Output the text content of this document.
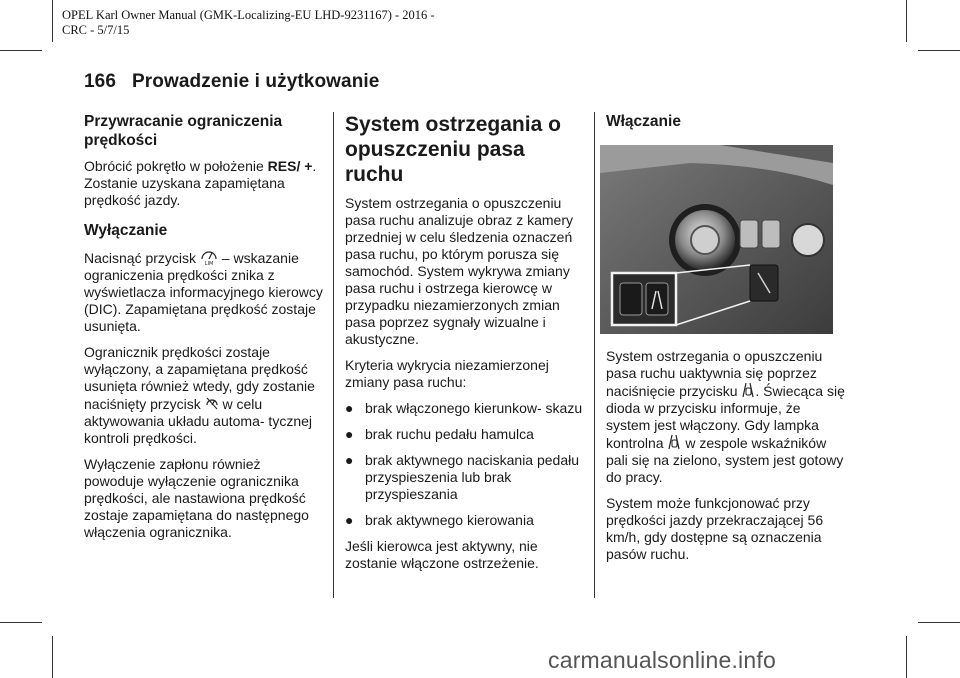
OPEL Karl Owner Manual (GMK-Localizing-EU LHD-9231167) - 2016 -
CRC - 5/7/15
166 Prowadzenie i użytkowanie
Przywracanie ograniczenia prędkości

Obrócić pokrętło w położenie RES/ +. Zostanie uzyskana zapamiętana prędkość jazdy.

Wyłączanie

Nacisnąć przycisk LIM – wskazanie ograniczenia prędkości znika z wyświetlacza informacyjnego kierowcy (DIC). Zapamiętana prędkość zostaje usunięta.

Ogranicznik prędkości zostaje wyłączony, a zapamiętana prędkość usunięta również wtedy, gdy zostanie naciśnięty przycisk
w celu aktywowania układu automa- tycznej kontroli prędkości.

Wyłączenie zapłonu również powoduje wyłączenie ogranicznika prędkości, ale nastawiona prędkość zostaje zapamiętana do następnego włączenia ogranicznika.

System ostrzegania o opuszczeniu pasa ruchu

System ostrzegania o opuszczeniu pasa ruchu analizuje obraz z kamery przedniej w celu śledzenia oznaczeń pasa ruchu, po którym porusza się samochód. System wykrywa zmiany pasa ruchu i ostrzega kierowcę w przypadku niezamierzonych zmian pasa poprzez sygnały wizualne i akustyczne.

Kryteria wykrycia niezamierzonej zmiany pasa ruchu:

● brak włączonego kierunkow- skazu
● brak ruchu pedału hamulca
● brak aktywnego naciskania pedału przyspieszenia lub brak przyspieszania
● brak aktywnego kierowania

Jeśli kierowca jest aktywny, nie zostanie włączone ostrzeżenie.

Włączanie

System ostrzegania o opuszczeniu pasa ruchu uaktywnia się poprzez naciśnięcie przycisku
. Świecąca się dioda w przycisku informuje, że system jest włączony. Gdy lampka kontrolna
w zespole wskaźników pali się na zielono, system jest gotowy do pracy.

System może funkcjonować przy prędkości jazdy przekraczającej 56 km/h, gdy dostępne są oznaczenia pasów ruchu.

carmanualsonline.info
